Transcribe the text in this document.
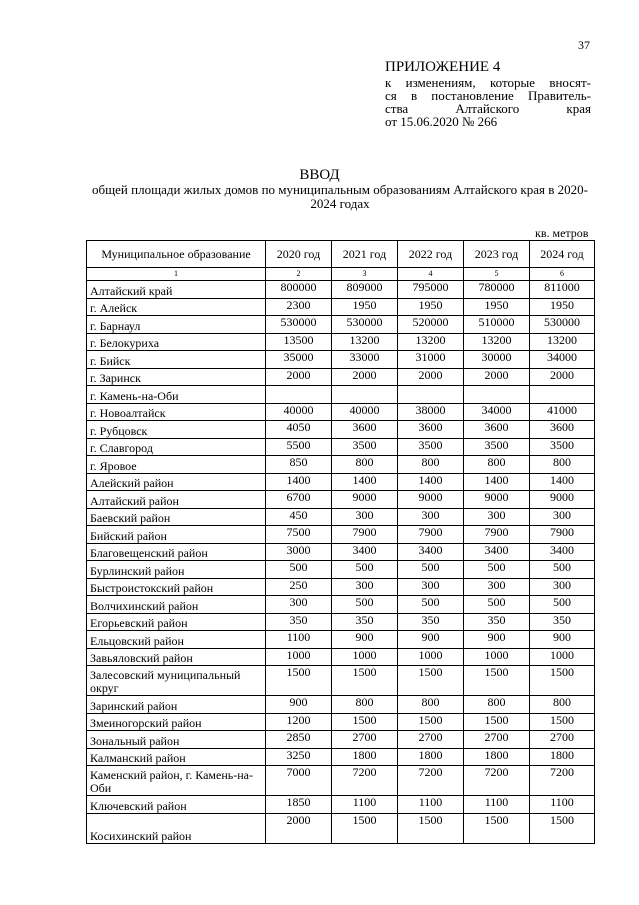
37
ПРИЛОЖЕНИЕ 4
к изменениям, которые вносят-
ся в постановление Правитель-
ства Алтайского края
от 15.06.2020 № 266
ВВОД
общей площади жилых домов по муниципальным образованиям Алтайского края в 2020-2024 годах
кв. метров
Муниципальное образование	2020 год	2021 год	2022 год	2023 год	2024 год
1	2	3	4	5	6
Алтайский край	800000	809000	795000	780000	811000
г. Алейск	2300	1950	1950	1950	1950
г. Барнаул	530000	530000	520000	510000	530000
г. Белокуриха	13500	13200	13200	13200	13200
г. Бийск	35000	33000	31000	30000	34000
г. Заринск	2000	2000	2000	2000	2000
г. Камень-на-Оби					
г. Новоалтайск	40000	40000	38000	34000	41000
г. Рубцовск	4050	3600	3600	3600	3600
г. Славгород	5500	3500	3500	3500	3500
г. Яровое	850	800	800	800	800
Алейский район	1400	1400	1400	1400	1400
Алтайский район	6700	9000	9000	9000	9000
Баевский район	450	300	300	300	300
Бийский район	7500	7900	7900	7900	7900
Благовещенский район	3000	3400	3400	3400	3400
Бурлинский район	500	500	500	500	500
Быстроистокский район	250	300	300	300	300
Волчихинский район	300	500	500	500	500
Егорьевский район	350	350	350	350	350
Ельцовский район	1100	900	900	900	900
Завьяловский район	1000	1000	1000	1000	1000
Залесовский муниципальный округ	1500	1500	1500	1500	1500
Заринский район	900	800	800	800	800
Змеиногорский район	1200	1500	1500	1500	1500
Зональный район	2850	2700	2700	2700	2700
Калманский район	3250	1800	1800	1800	1800
Каменский район, г. Камень-на-Оби	7000	7200	7200	7200	7200
Ключевский район	1850	1100	1100	1100	1100
Косихинский район	2000	1500	1500	1500	1500
